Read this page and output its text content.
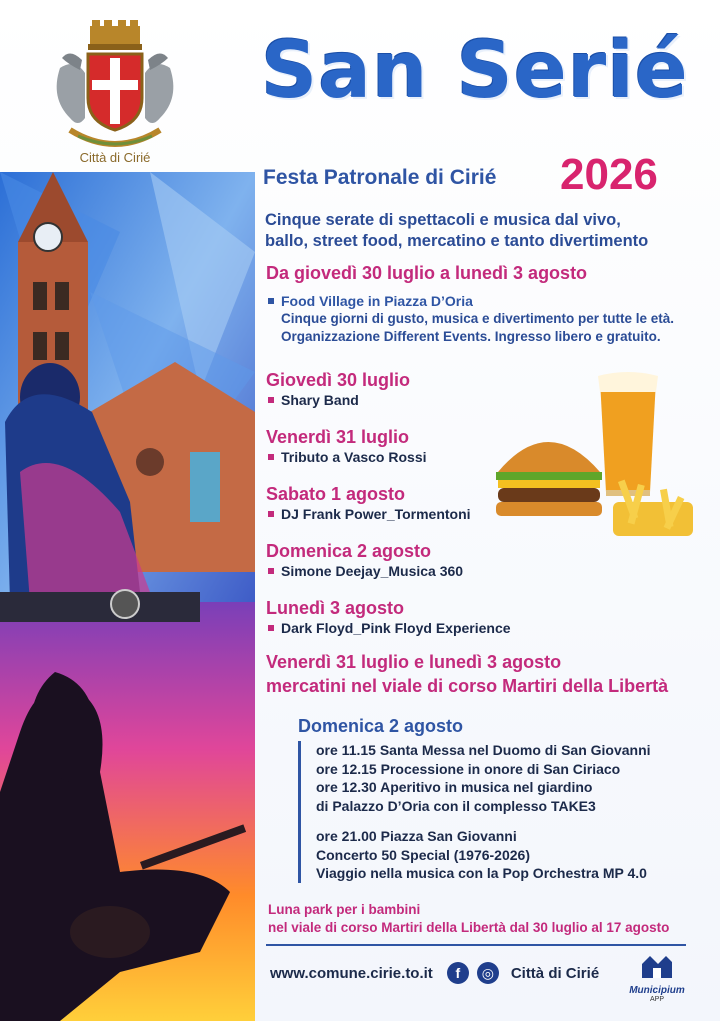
Città di Cirié
San Serié
Festa Patronale di Cirié 2026
Cinque serate di spettacoli e musica dal vivo,
ballo, street food, mercatino e tanto divertimento
Da giovedì 30 luglio a lunedì 3 agosto
Food Village in Piazza D’Oria
Cinque giorni di gusto, musica e divertimento per tutte le età.
Organizzazione Different Events. Ingresso libero e gratuito.
Giovedì 30 luglio
Shary Band
Venerdì 31 luglio
Tributo a Vasco Rossi
Sabato 1 agosto
DJ Frank Power_Tormentoni
Domenica 2 agosto
Simone Deejay_Musica 360
Lunedì 3 agosto
Dark Floyd_Pink Floyd Experience
Venerdì 31 luglio e lunedì 3 agosto
mercatini nel viale di corso Martiri della Libertà
Domenica 2 agosto
ore 11.15 Santa Messa nel Duomo di San Giovanni
ore 12.15 Processione in onore di San Ciriaco
ore 12.30 Aperitivo in musica nel giardino
di Palazzo D’Oria con il complesso TAKE3
ore 21.00 Piazza San Giovanni
Concerto 50 Special (1976-2026)
Viaggio nella musica con la Pop Orchestra MP 4.0
Luna park per i bambini
nel viale di corso Martiri della Libertà dal 30 luglio al 17 agosto
www.comune.cirie.to.it	f	◎	Città di Cirié
Municipium
APP
